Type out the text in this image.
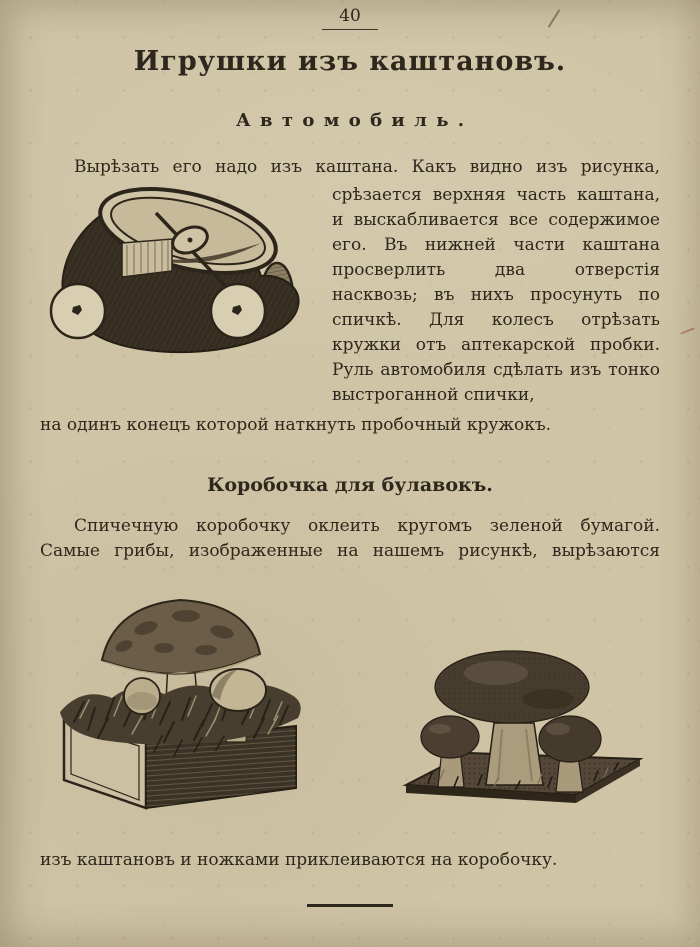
40
Игрушки изъ каштановъ.
Автомобиль.
Вырѣзать его надо изъ каштана. Какъ видно изъ рисунка,
срѣзается верхняя часть каштана, и выскабливается все содержимое его. Въ нижней части каштана просверлить два отверстія насквозь; въ нихъ просунуть по спичкѣ. Для колесъ отрѣзать кружки отъ аптекарской пробки. Руль автомобиля сдѣлать изъ тонко выстроганной спички,
на одинъ конецъ которой наткнуть пробочный кружокъ.
Коробочка для булавокъ.
Спичечную коробочку оклеить кругомъ зеленой бумагой. Самые грибы, изображенные на нашемъ рисункѣ, вырѣзаются
изъ каштановъ и ножками приклеиваются на коробочку.
